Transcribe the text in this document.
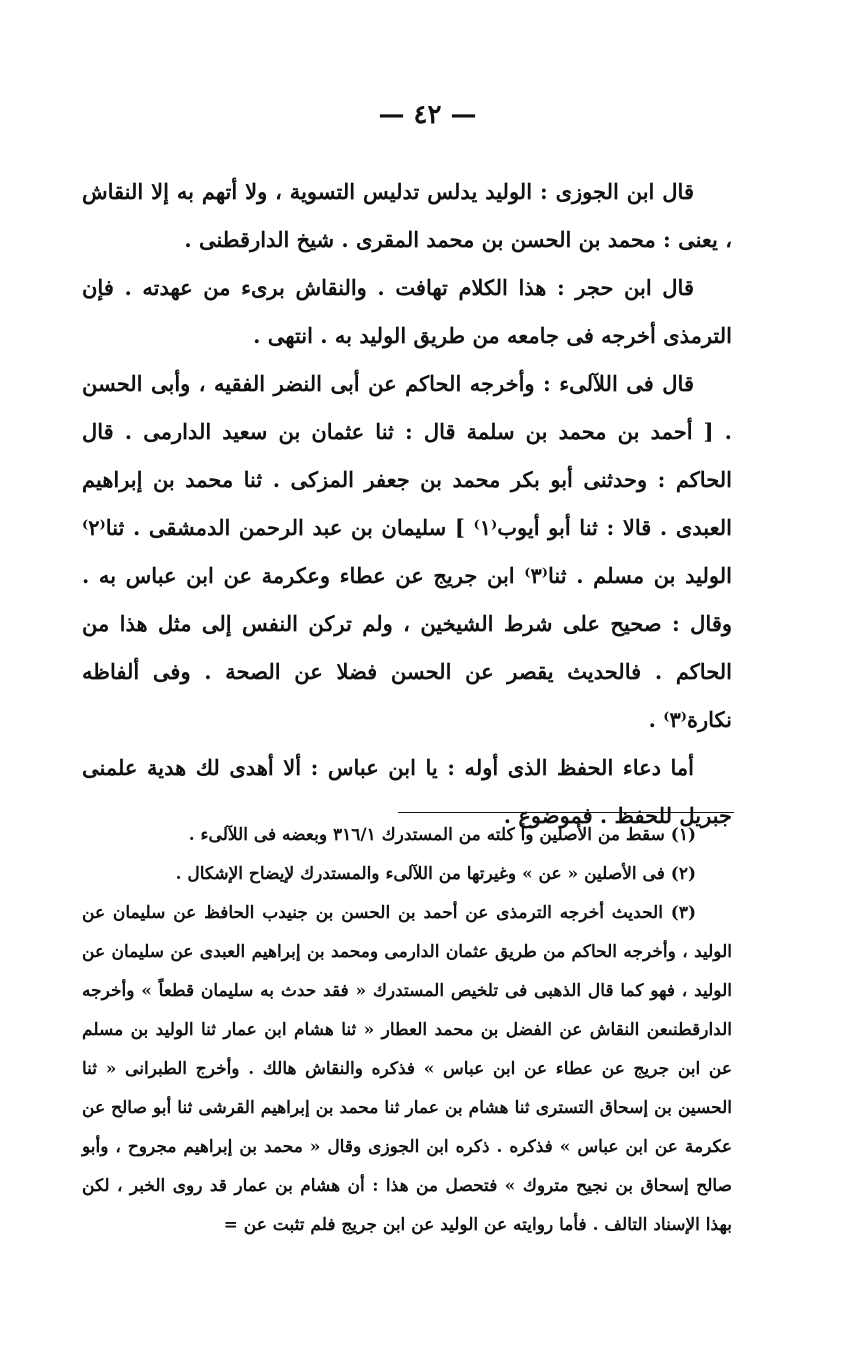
— ٤٢ —

قال ابن الجوزى : الوليد يدلس تدليس التسوية ، ولا أتهم به إلا النقاش ، يعنى : محمد بن الحسن بن محمد المقرى . شيخ الدارقطنى .

قال ابن حجر : هذا الكلام تهافت . والنقاش برىء من عهدته . فإن الترمذى أخرجه فى جامعه من طريق الوليد به . انتهى .

قال فى اللآلىء : وأخرجه الحاكم عن أبى النضر الفقيه ، وأبى الحسن . [ أحمد بن محمد بن سلمة قال : ثنا عثمان بن سعيد الدارمى . قال الحاكم : وحدثنى أبو بكر محمد بن جعفر المزكى . ثنا محمد بن إبراهيم العبدى . قالا : ثنا أبو أيوب⁽١⁾ ] سليمان بن عبد الرحمن الدمشقى . ثنا⁽٢⁾ الوليد بن مسلم . ثنا⁽٣⁾ ابن جريج عن عطاء وعكرمة عن ابن عباس به . وقال : صحيح على شرط الشيخين ، ولم تركن النفس إلى مثل هذا من الحاكم . فالحديث يقصر عن الحسن فضلا عن الصحة . وفى ألفاظه نكارة⁽٣⁾ .

أما دعاء الحفظ الذى أوله : يا ابن عباس : ألا أهدى لك هدية علمنى جبريل للحفظ . فموضوع .

(١) سقط من الأصلين وأ كلته من المستدرك ٣١٦/١ وبعضه فى اللآلىء .

(٢) فى الأصلين « عن » وغيرتها من اللآلىء والمستدرك لإيضاح الإشكال .

(٣) الحديث أخرجه الترمذى عن أحمد بن الحسن بن جنيدب الحافظ عن سليمان عن الوليد ، وأخرجه الحاكم من طريق عثمان الدارمى ومحمد بن إبراهيم العبدى عن سليمان عن الوليد ، فهو كما قال الذهبى فى تلخيص المستدرك « فقد حدث به سليمان قطعاً » وأخرجه الدارقطنىعن النقاش عن الفضل بن محمد العطار « ثنا هشام ابن عمار ثنا الوليد بن مسلم عن ابن جريج عن عطاء عن ابن عباس » فذكره والنقاش هالك . وأخرج الطبرانى « ثنا الحسين بن إسحاق التسترى ثنا هشام بن عمار ثنا محمد بن إبراهيم القرشى ثنا أبو صالح عن عكرمة عن ابن عباس » فذكره . ذكره ابن الجوزى وقال « محمد بن إبراهيم مجروح ، وأبو صالح إسحاق بن نجيح متروك » فتحصل من هذا : أن هشام بن عمار قد روى الخبر ، لكن بهذا الإسناد التالف . فأما روايته عن الوليد عن ابن جريج فلم تثبت عن =
